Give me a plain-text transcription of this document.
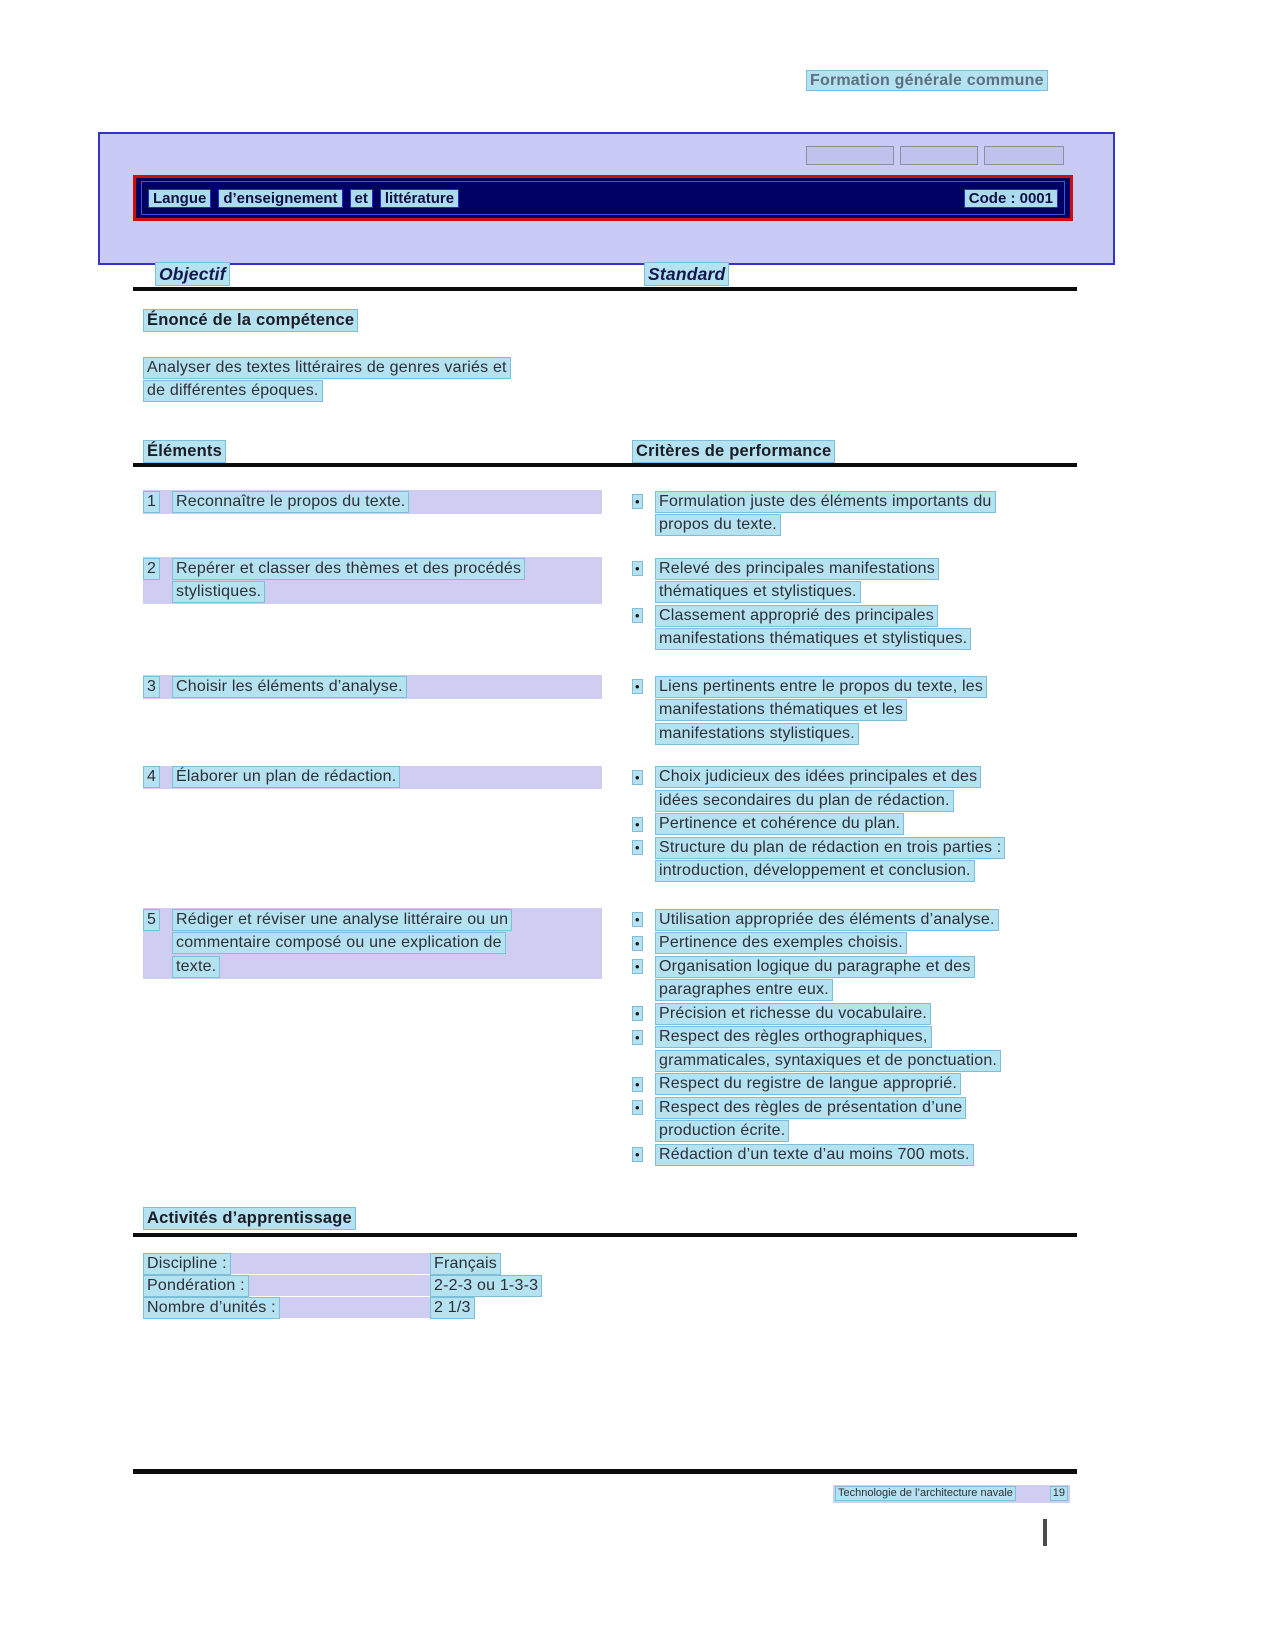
Formation générale commune
Langue	d’enseignement	et	littérature	Code : 0001
Objectif	Standard
Énoncé de la compétence
Analyser des textes littéraires de genres variés et
de différentes époques.
Éléments	Critères de performance
1 Reconnaître le propos du texte.	• Formulation juste des éléments importants du
propos du texte.
2 Repérer et classer des thèmes et des procédés
stylistiques.
• Relevé des principales manifestations
thématiques et stylistiques.
• Classement approprié des principales
manifestations thématiques et stylistiques.
3 Choisir les éléments d’analyse.	• Liens pertinents entre le propos du texte, les
manifestations thématiques et les
manifestations stylistiques.
4 Élaborer un plan de rédaction.	• Choix judicieux des idées principales et des
idées secondaires du plan de rédaction.
• Pertinence et cohérence du plan.
• Structure du plan de rédaction en trois parties :
introduction, développement et conclusion.
5 Rédiger et réviser une analyse littéraire ou un
commentaire composé ou une explication de
texte.
• Utilisation appropriée des éléments d’analyse.
• Pertinence des exemples choisis.
• Organisation logique du paragraphe et des
paragraphes entre eux.
• Précision et richesse du vocabulaire.
• Respect des règles orthographiques,
grammaticales, syntaxiques et de ponctuation.
• Respect du registre de langue approprié.
• Respect des règles de présentation d’une
production écrite.
• Rédaction d’un texte d’au moins 700 mots.
Activités d’apprentissage
Discipline :	Français
Pondération :	2-2-3 ou 1-3-3
Nombre d’unités :	2 1/3
Technologie de l’architecture navale	19
